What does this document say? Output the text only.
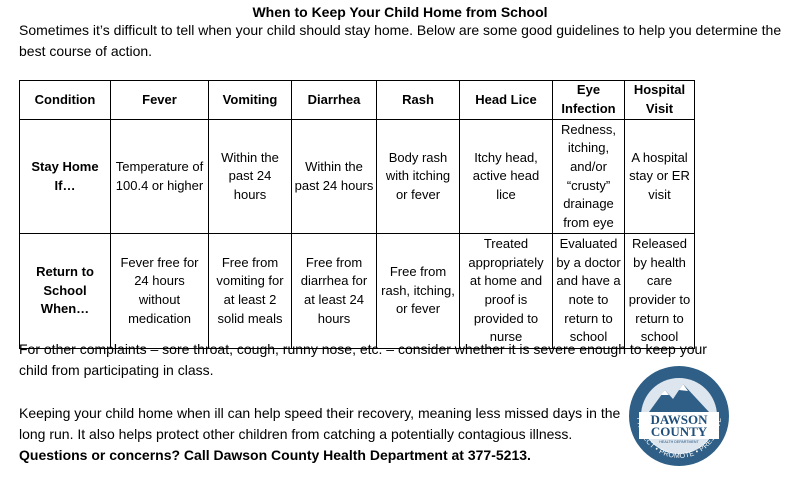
When to Keep Your Child Home from School
Sometimes it’s difficult to tell when your child should stay home. Below are some good guidelines to help you determine the best course of action.
Condition	Fever	Vomiting	Diarrhea	Rash	Head Lice	Eye Infection	Hospital Visit
Stay Home If…	Temperature of 100.4 or higher	Within the past 24 hours	Within the past 24 hours	Body rash with itching or fever	Itchy head, active head lice	Redness, itching, and/or “crusty” drainage from eye	A hospital stay or ER visit
Return to School When…	Fever free for 24 hours without medication	Free from vomiting for at least 2 solid meals	Free from diarrhea for at least 24 hours	Free from rash, itching, or fever	Treated appropriately at home and proof is provided to nurse	Evaluated by a doctor and have a note to return to school	Released by health care provider to return to school
For other complaints – sore throat, cough, runny nose, etc. – consider whether it is severe enough to keep your child from participating in class.
Keeping your child home when ill can help speed their recovery, meaning less missed days in the long run. It also helps protect other children from catching a potentially contagious illness.
Questions or concerns? Call Dawson County Health Department at 377-5213.
DAWSON
COUNTY
HEALTH DEPARTMENT
PROTECT • PROMOTE • PRESERVE
